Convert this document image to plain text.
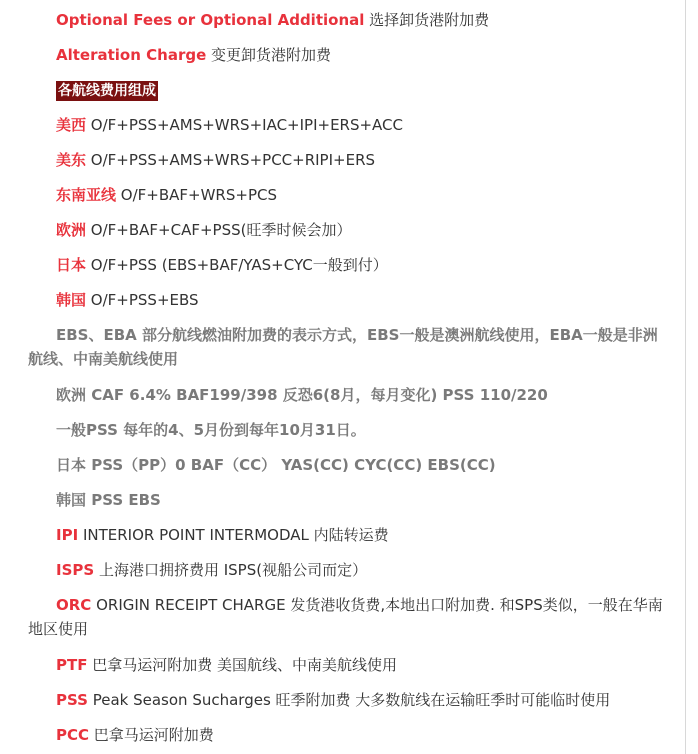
Optional Fees or Optional Additional 选择卸货港附加费
Alteration Charge 变更卸货港附加费
各航线费用组成
美西 O/F+PSS+AMS+WRS+IAC+IPI+ERS+ACC
美东 O/F+PSS+AMS+WRS+PCC+RIPI+ERS
东南亚线 O/F+BAF+WRS+PCS
欧洲 O/F+BAF+CAF+PSS(旺季时候会加）
日本 O/F+PSS (EBS+BAF/YAS+CYC一般到付）
韩国 O/F+PSS+EBS
EBS、EBA 部分航线燃油附加费的表示方式，EBS一般是澳洲航线使用，EBA一般是非洲航线、中南美航线使用
欧洲 CAF 6.4% BAF199/398 反恐6(8月，每月变化) PSS 110/220
一般PSS 每年的4、5月份到每年10月31日。
日本 PSS（PP）0 BAF（CC） YAS(CC) CYC(CC) EBS(CC)
韩国 PSS EBS
IPI INTERIOR POINT INTERMODAL 内陆转运费
ISPS 上海港口拥挤费用 ISPS(视船公司而定）
ORC ORIGIN RECEIPT CHARGE 发货港收货费,本地出口附加费. 和SPS类似，一般在华南地区使用
PTF 巴拿马运河附加费 美国航线、中南美航线使用
PSS Peak Season Sucharges 旺季附加费 大多数航线在运输旺季时可能临时使用
PCC 巴拿马运河附加费
